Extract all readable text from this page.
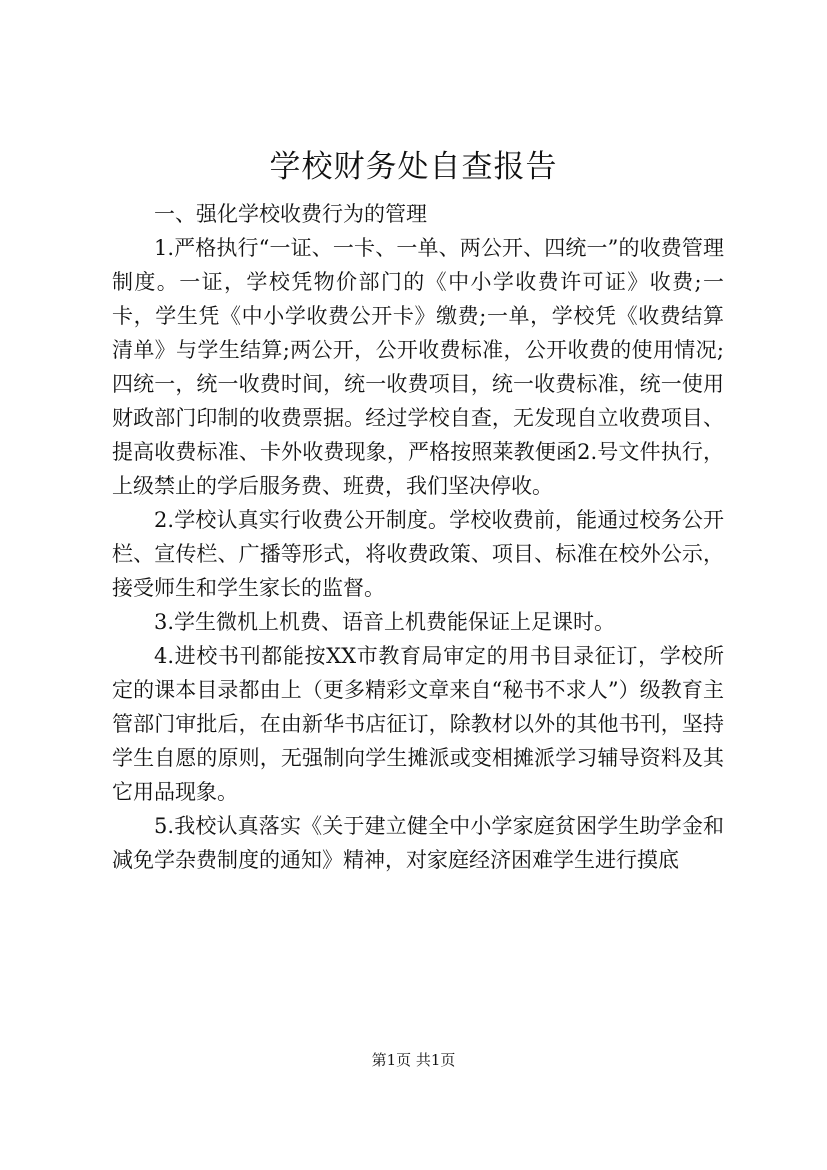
学校财务处自查报告

一、强化学校收费行为的管理

1.严格执行“一证、一卡、一单、两公开、四统一”的收费管理制度。一证，学校凭物价部门的《中小学收费许可证》收费;一卡，学生凭《中小学收费公开卡》缴费;一单，学校凭《收费结算清单》与学生结算;两公开，公开收费标准，公开收费的使用情况;四统一，统一收费时间，统一收费项目，统一收费标准，统一使用财政部门印制的收费票据。经过学校自查，无发现自立收费项目、提高收费标准、卡外收费现象，严格按照莱教便函2.号文件执行，上级禁止的学后服务费、班费，我们坚决停收。

2.学校认真实行收费公开制度。学校收费前，能通过校务公开栏、宣传栏、广播等形式，将收费政策、项目、标准在校外公示，接受师生和学生家长的监督。

3.学生微机上机费、语音上机费能保证上足课时。

4.进校书刊都能按XX市教育局审定的用书目录征订，学校所定的课本目录都由上（更多精彩文章来自“秘书不求人”）级教育主管部门审批后，在由新华书店征订，除教材以外的其他书刊，坚持学生自愿的原则，无强制向学生摊派或变相摊派学习辅导资料及其它用品现象。

5.我校认真落实《关于建立健全中小学家庭贫困学生助学金和减免学杂费制度的通知》精神，对家庭经济困难学生进行摸底

第1页 共1页
